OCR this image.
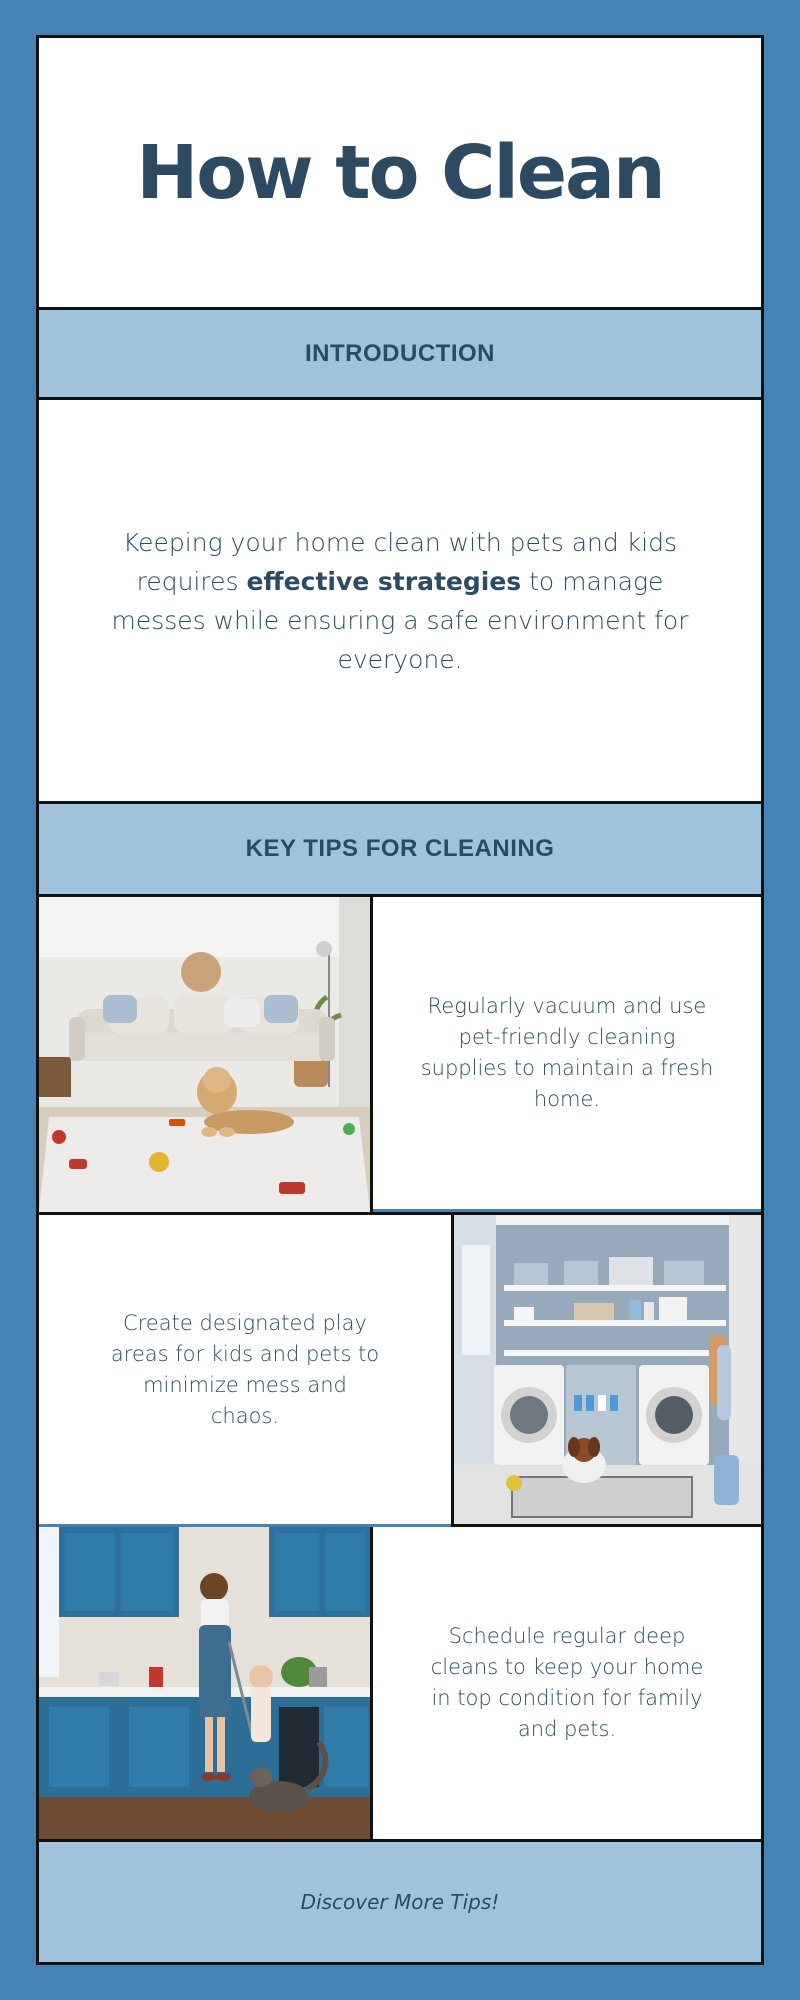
How to Clean
INTRODUCTION

Keeping your home clean with pets and kids requires effective strategies to manage messes while ensuring a safe environment for everyone.

KEY TIPS FOR CLEANING

Regularly vacuum and use pet-friendly cleaning supplies to maintain a fresh home.

Create designated play areas for kids and pets to minimize mess and chaos.

Schedule regular deep cleans to keep your home in top condition for family and pets.

Discover More Tips!
